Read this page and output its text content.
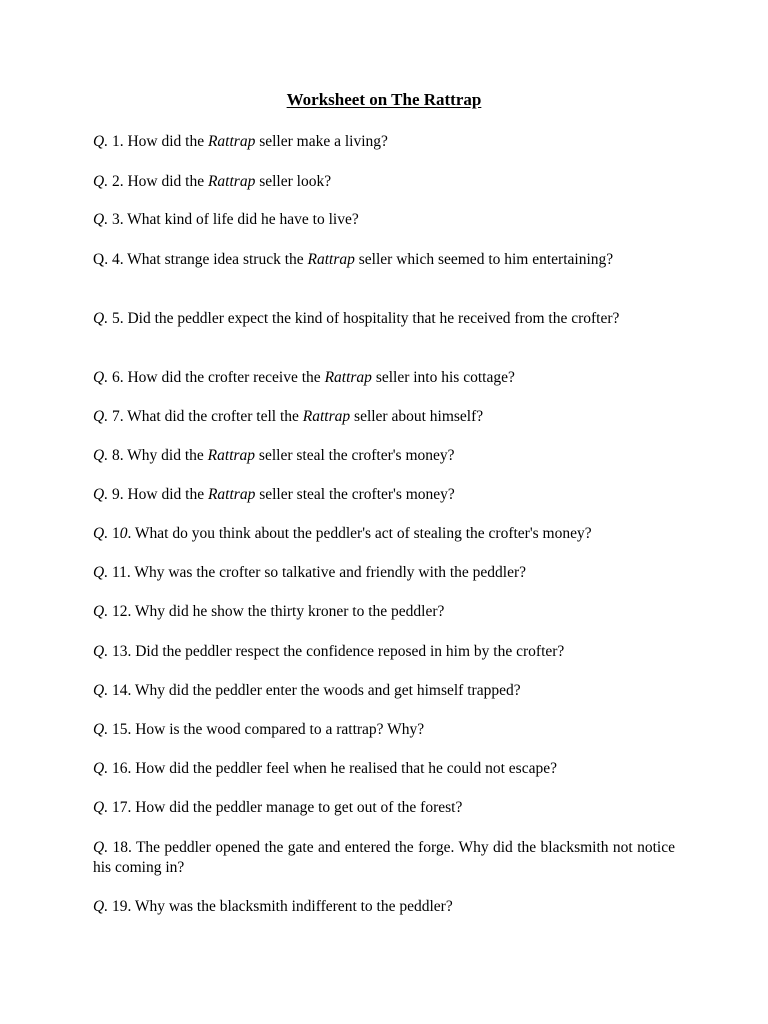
Worksheet on The Rattrap
Q. 1. How did the Rattrap seller make a living?
Q. 2. How did the Rattrap seller look?
Q. 3. What kind of life did he have to live?
Q. 4. What strange idea struck the Rattrap seller which seemed to him entertaining?
Q. 5. Did the peddler expect the kind of hospitality that he received from the crofter?
Q. 6. How did the crofter receive the Rattrap seller into his cottage?
Q. 7. What did the crofter tell the Rattrap seller about himself?
Q. 8. Why did the Rattrap seller steal the crofter's money?
Q. 9. How did the Rattrap seller steal the crofter's money?
Q. 10. What do you think about the peddler's act of stealing the crofter's money?
Q. 11. Why was the crofter so talkative and friendly with the peddler?
Q. 12. Why did he show the thirty kroner to the peddler?
Q. 13. Did the peddler respect the confidence reposed in him by the crofter?
Q. 14. Why did the peddler enter the woods and get himself trapped?
Q. 15. How is the wood compared to a rattrap? Why?
Q. 16. How did the peddler feel when he realised that he could not escape?
Q. 17. How did the peddler manage to get out of the forest?
Q. 18. The peddler opened the gate and entered the forge. Why did the blacksmith not notice his coming in?
Q. 19. Why was the blacksmith indifferent to the peddler?
